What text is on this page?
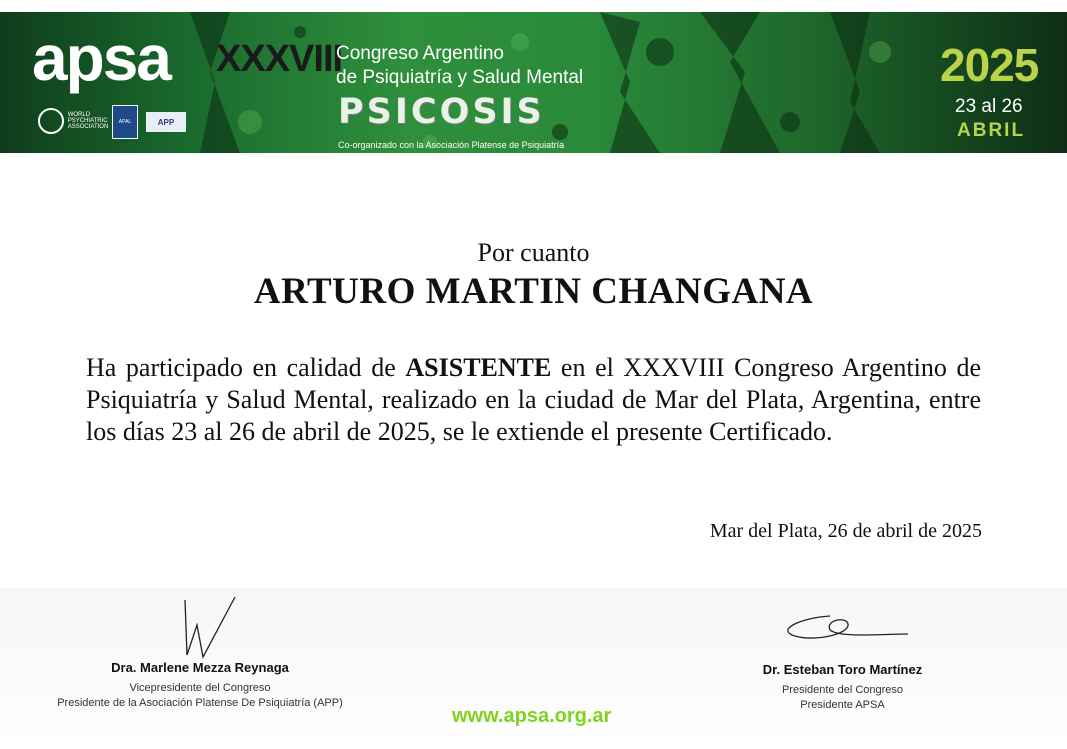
apsa
WORLD PSYCHIATRIC ASSOCIATION
APAL	APP
XXXVIII
Congreso Argentino
de Psiquiatría y Salud Mental
PSICOSIS
Co-organizado con la Asociación Platense de Psiquiatría
2025
23 al 26
ABRIL
Por cuanto
ARTURO MARTIN CHANGANA
Ha participado en calidad de ASISTENTE en el XXXVIII Congreso Argentino de Psiquiatría y Salud Mental, realizado en la ciudad de Mar del Plata, Argentina, entre los días 23 al 26 de abril de 2025, se le extiende el presente Certificado.
Mar del Plata, 26 de abril de 2025
Dra. Marlene Mezza Reynaga
Vicepresidente del Congreso
Presidente de la Asociación Platense De Psiquiatría (APP)
Dr. Esteban Toro Martínez
Presidente del Congreso
Presidente APSA
www.apsa.org.ar
